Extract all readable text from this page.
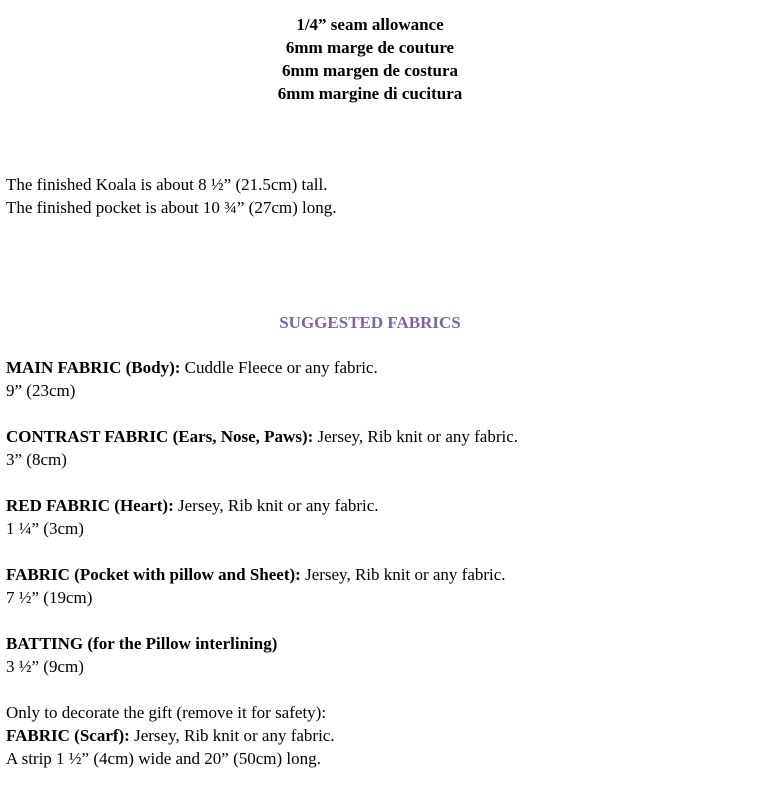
1/4” seam allowance
6mm marge de couture
6mm margen de costura
6mm margine di cucitura
The finished Koala is about 8 ½” (21.5cm) tall.
The finished pocket is about 10 ¾” (27cm) long.
SUGGESTED FABRICS
MAIN FABRIC (Body): Cuddle Fleece or any fabric.
9” (23cm)
CONTRAST FABRIC (Ears, Nose, Paws): Jersey, Rib knit or any fabric.
3” (8cm)
RED FABRIC (Heart): Jersey, Rib knit or any fabric.
1 ¼” (3cm)
FABRIC (Pocket with pillow and Sheet): Jersey, Rib knit or any fabric.
7 ½” (19cm)
BATTING (for the Pillow interlining)
3 ½” (9cm)
Only to decorate the gift (remove it for safety):
FABRIC (Scarf): Jersey, Rib knit or any fabric.
A strip 1 ½” (4cm) wide and 20” (50cm) long.
